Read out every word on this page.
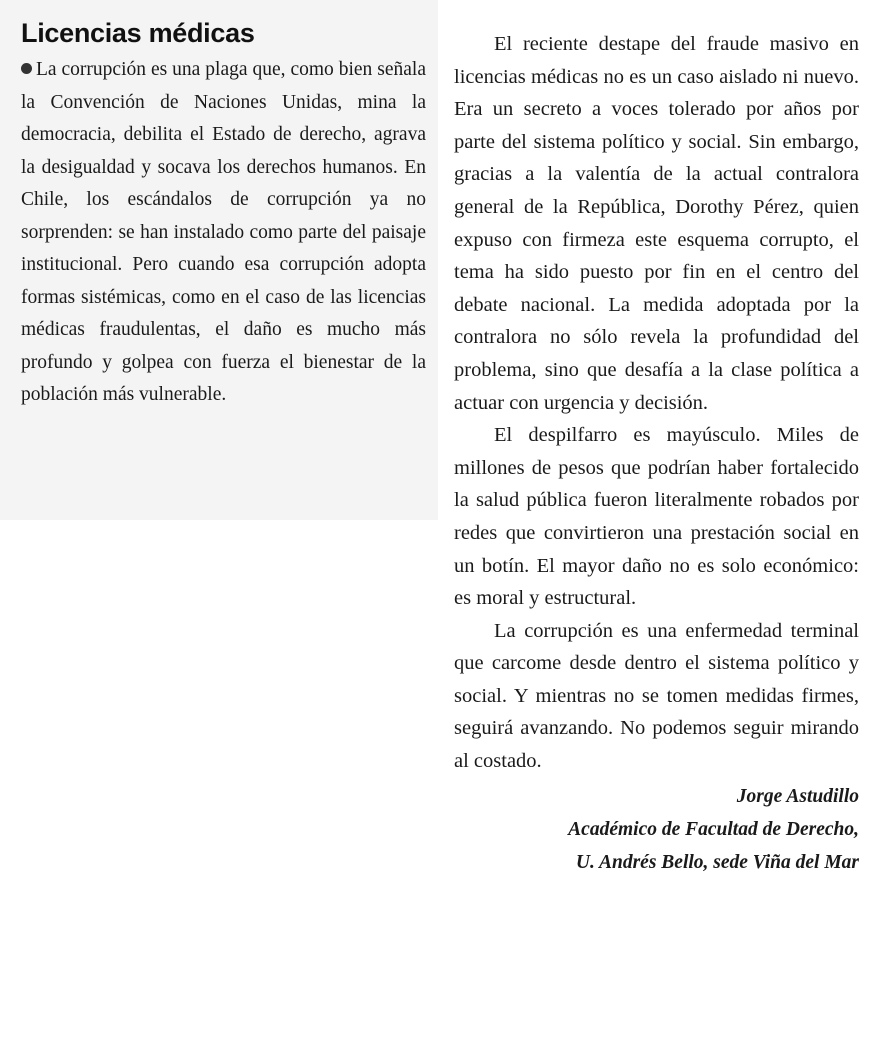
Licencias médicas

La corrupción es una plaga que, como bien señala la Convención de Naciones Unidas, mina la democracia, debilita el Estado de derecho, agrava la desigualdad y socava los derechos humanos. En Chile, los escándalos de corrupción ya no sorprenden: se han instalado como parte del paisaje institucional. Pero cuando esa corrupción adopta formas sistémicas, como en el caso de las licencias médicas fraudulentas, el daño es mucho más profundo y golpea con fuerza el bienestar de la población más vulnerable.

El reciente destape del fraude masivo en licencias médicas no es un caso aislado ni nuevo. Era un secreto a voces tolerado por años por parte del sistema político y social. Sin embargo, gracias a la valentía de la actual contralora general de la República, Dorothy Pérez, quien expuso con firmeza este esquema corrupto, el tema ha sido puesto por fin en el centro del debate nacional. La medida adoptada por la contralora no sólo revela la profundidad del problema, sino que desafía a la clase política a actuar con urgencia y decisión.

El despilfarro es mayúsculo. Miles de millones de pesos que podrían haber fortalecido la salud pública fueron literalmente robados por redes que convirtieron una prestación social en un botín. El mayor daño no es solo económico: es moral y estructural.

La corrupción es una enfermedad terminal que carcome desde dentro el sistema político y social. Y mientras no se tomen medidas firmes, seguirá avanzando. No podemos seguir mirando al costado.

Jorge Astudillo
Académico de Facultad de Derecho,
U. Andrés Bello, sede Viña del Mar
